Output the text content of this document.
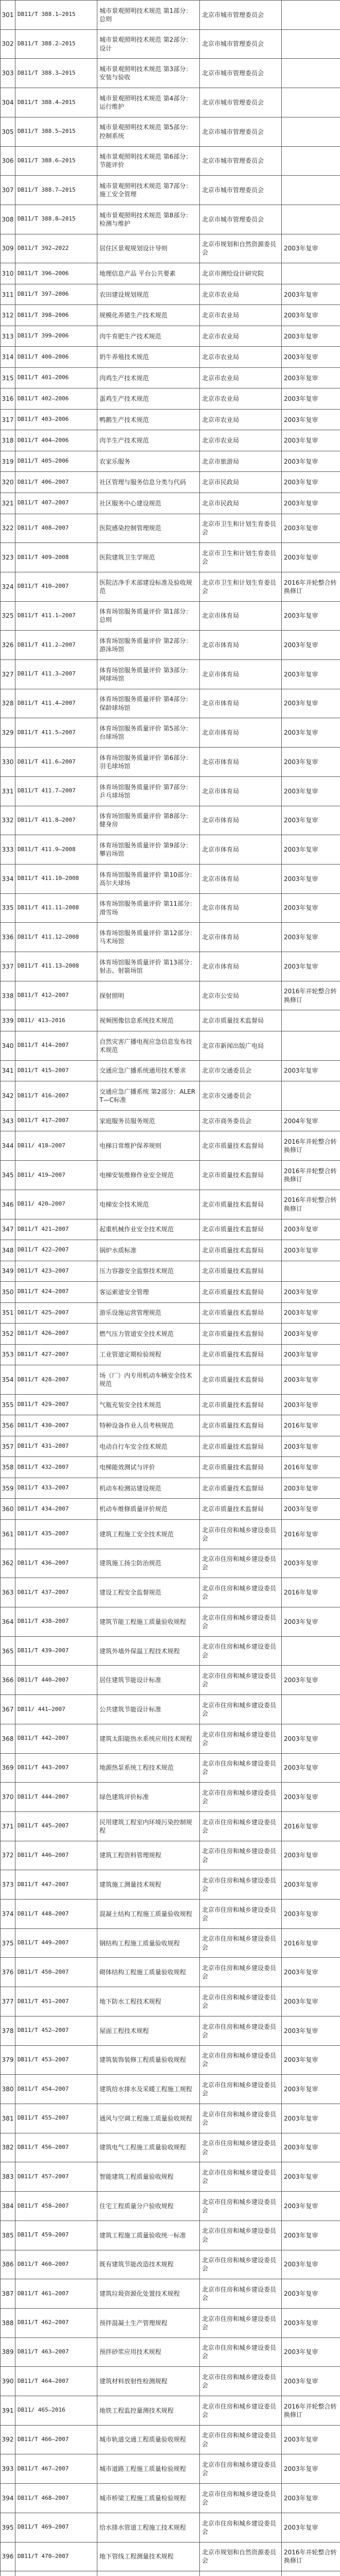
301	DB11/T 388.1—2015	城市景观照明技术规范 第1部分：总则	北京市城市管理委员会	
302	DB11/T 388.2—2015	城市景观照明技术规范 第2部分：设计	北京市城市管理委员会	
303	DB11/T 388.3—2015	城市景观照明技术规范 第3部分：安装与验收	北京市城市管理委员会	
304	DB11/T 388.4—2015	城市景观照明技术规范 第4部分：运行维护	北京市城市管理委员会	
305	DB11/T 388.5—2015	城市景观照明技术规范 第5部分：控制系统	北京市城市管理委员会	
306	DB11/T 388.6—2015	城市景观照明技术规范 第6部分：节能评价	北京市城市管理委员会	
307	DB11/T 388.7—2015	城市景观照明技术规范 第7部分：施工安全管理	北京市城市管理委员会	
308	DB11/T 388.8—2015	城市景观照明技术规范 第8部分：检测与维护	北京市城市管理委员会	
309	DB11/T 392—2022	居住区景观规划设计导则	北京市规划和自然资源委员会	2003年复审
310	DB11/T 396—2006	地理信息产品 平台公共要素	北京市测绘设计研究院	
311	DB11/T 397—2006	农田建设规划规范	北京市农业局	2003年复审
312	DB11/T 398—2006	规模化养猪生产技术规范	北京市农业局	2003年复审
313	DB11/T 399—2006	肉牛育肥生产技术规范	北京市农业局	2003年复审
314	DB11/T 400—2006	奶牛养殖技术规范	北京市农业局	2003年复审
315	DB11/T 401—2006	肉鸡生产技术规范	北京市农业局	2003年复审
316	DB11/T 402—2006	蛋鸡生产技术规范	北京市农业局	2003年复审
317	DB11/T 403—2006	鸭鹅生产技术规范	北京市农业局	2003年复审
318	DB11/T 404—2006	肉羊生产技术规范	北京市农业局	2003年复审
319	DB11/T 405—2006	农家乐服务	北京市旅游局	2003年复审
320	DB11/T 406—2007	社区管理与服务信息分类与代码	北京市民政局	2003年复审
321	DB11/T 407—2007	社区服务中心建设规范	北京市民政局	2003年复审
322	DB11/T 408—2007	医院感染控制管理规范	北京市卫生和计划生育委员会	2003年复审
323	DB11/T 409—2008	医院建筑卫生学规范	北京市卫生和计划生育委员会	2003年复审
324	DB11/T 410—2007	医院洁净手术部建设标准及验收规范	北京市卫生和计划生育委员会	2016年并轮整合转换修订
325	DB11/T 411.1—2007	体育场馆服务质量评价 第1部分：总则	北京市体育局	2003年复审
326	DB11/T 411.2—2007	体育场馆服务质量评价 第2部分：游泳场馆	北京市体育局	2003年复审
327	DB11/T 411.3—2007	体育场馆服务质量评价 第3部分：网球场馆	北京市体育局	2003年复审
328	DB11/T 411.4—2007	体育场馆服务质量评价 第4部分：保龄球场馆	北京市体育局	2003年复审
329	DB11/T 411.5—2007	体育场馆服务质量评价 第5部分：台球场馆	北京市体育局	2003年复审
330	DB11/T 411.6—2007	体育场馆服务质量评价 第6部分：羽毛球场馆	北京市体育局	2003年复审
331	DB11/T 411.7—2007	体育场馆服务质量评价 第7部分：乒乓球场馆	北京市体育局	2003年复审
332	DB11/T 411.8—2007	体育场馆服务质量评价 第8部分：健身房	北京市体育局	2003年复审
333	DB11/T 411.9—2008	体育场馆服务质量评价 第9部分：攀岩场馆	北京市体育局	2003年复审
334	DB11/T 411.10—2008	体育场馆服务质量评价 第10部分：高尔夫球场	北京市体育局	2003年复审
335	DB11/T 411.11—2008	体育场馆服务质量评价 第11部分：滑雪场	北京市体育局	2003年复审
336	DB11/T 411.12—2008	体育场馆服务质量评价 第12部分：马术场馆	北京市体育局	2003年复审
337	DB11/T 411.13—2008	体育场馆服务质量评价 第13部分：射击、射箭场馆	北京市体育局	2003年复审
338	DB11/T 412—2007	探射照明	北京市公安局	2016年并轮整合转换修订
339	DB11/ 413—2016	视频图像信息系统技术规范	北京市质量技术监督局	
340	DB11/T 414—2007	自然灾害广播电视应急信息发布技术规范	北京市新闻出版广电局	
341	DB11/T 415—2007	交通应急广播系统通用技术要求	北京市交通委员会	2003年复审
342	DB11/T 416—2007	交通应急广播系统 第2部分：ALERT—C标准	北京市交通委员会	
343	DB11/T 417—2007	家庭服务员服务规范	北京市商务委员会	2004年复审
344	DB11/ 418—2007	电梯日常维护保养规则	北京市质量技术监督局	2016年并轮整合转换修订
345	DB11/ 419—2007	电梯安装维修作业安全规范	北京市质量技术监督局	2016年并轮整合转换修订
346	DB11/ 420—2007	电梯安全技术规范	北京市质量技术监督局	2016年并轮整合转换修订
347	DB11/T 421—2007	起重机械作业安全技术规范	北京市质量技术监督局	2003年复审
348	DB11/T 422—2007	锅炉水质标准	北京市质量技术监督局	2003年复审
349	DB11/T 423—2007	压力容器安全监察技术规范	北京市质量技术监督局	
350	DB11/T 424—2007	客运索道安全管理	北京市质量技术监督局	2003年复审
351	DB11/T 425—2007	游乐设施运营管理规范	北京市质量技术监督局	2003年复审
352	DB11/T 426—2007	燃气压力管道安全技术规范	北京市质量技术监督局	2003年复审
353	DB11/T 427—2007	工业管道定期检验规程	北京市质量技术监督局	2003年复审
354	DB11/T 428—2007	场（厂）内专用机动车辆安全技术规范	北京市质量技术监督局	2003年复审
355	DB11/T 429—2007	气瓶充装安全技术规范	北京市质量技术监督局	2003年复审
356	DB11/T 430—2007	特种设备作业人员考核规范	北京市质量技术监督局	2016年复审
357	DB11/T 431—2007	电动自行车安全技术规范	北京市质量技术监督局	2003年复审
358	DB11/T 432—2007	电梯能效测试与评价	北京市质量技术监督局	2016年复审
359	DB11/T 433—2007	机动车检测站建设规范	北京市质量技术监督局	2003年复审
360	DB11/T 434—2007	机动车维修质量评价规范	北京市质量技术监督局	2003年复审
361	DB11/T 435—2007	建筑工程施工安全技术规范	北京市住房和城乡建设委员会	2016年复审
362	DB11/T 436—2007	建筑施工扬尘防治规范	北京市住房和城乡建设委员会	2003年复审
363	DB11/T 437—2007	建设工程安全监督规范	北京市住房和城乡建设委员会	2016年复审
364	DB11/T 438—2007	建筑节能工程施工质量验收规程	北京市住房和城乡建设委员会	2003年复审
365	DB11/T 439—2007	建筑外墙外保温工程技术规程	北京市住房和城乡建设委员会	
366	DB11/T 440—2007	居住建筑节能设计标准	北京市住房和城乡建设委员会	2003年复审
367	DB11/ 441—2007	公共建筑节能设计标准	北京市住房和城乡建设委员会	
368	DB11/T 442—2007	建筑太阳能热水系统应用技术规程	北京市住房和城乡建设委员会	2003年复审
369	DB11/T 443—2007	地源热泵系统工程技术规范	北京市住房和城乡建设委员会	2003年复审
370	DB11/T 444—2007	绿色建筑评价标准	北京市住房和城乡建设委员会	2003年复审
371	DB11/T 445—2007	民用建筑工程室内环境污染控制规程	北京市住房和城乡建设委员会	2016年复审
372	DB11/T 446—2007	建筑工程资料管理规程	北京市住房和城乡建设委员会	2003年复审
373	DB11/T 447—2007	建筑施工测量技术规程	北京市住房和城乡建设委员会	2003年复审
374	DB11/T 448—2007	混凝土结构工程施工质量验收规程	北京市住房和城乡建设委员会	2003年复审
375	DB11/T 449—2007	钢结构工程施工质量验收规程	北京市住房和城乡建设委员会	2016年复审
376	DB11/T 450—2007	砌体结构工程施工质量验收规程	北京市住房和城乡建设委员会	2003年复审
377	DB11/T 451—2007	地下防水工程技术规程	北京市住房和城乡建设委员会	2003年复审
378	DB11/T 452—2007	屋面工程技术规程	北京市住房和城乡建设委员会	2003年复审
379	DB11/T 453—2007	建筑装饰装修工程质量验收规程	北京市住房和城乡建设委员会	2003年复审
380	DB11/T 454—2007	建筑给水排水及采暖工程施工规程	北京市住房和城乡建设委员会	2003年复审
381	DB11/T 455—2007	通风与空调工程施工质量验收规程	北京市住房和城乡建设委员会	2003年复审
382	DB11/T 456—2007	建筑电气工程施工质量验收规程	北京市住房和城乡建设委员会	2003年复审
383	DB11/T 457—2007	智能建筑工程质量验收规程	北京市住房和城乡建设委员会	2003年复审
384	DB11/T 458—2007	住宅工程质量分户验收规程	北京市住房和城乡建设委员会	2003年复审
385	DB11/T 459—2007	建筑工程施工质量验收统一标准	北京市住房和城乡建设委员会	2003年复审
386	DB11/T 460—2007	既有建筑节能改造技术规程	北京市住房和城乡建设委员会	2003年复审
387	DB11/T 461—2007	建筑垃圾资源化处置技术规程	北京市住房和城乡建设委员会	2003年复审
388	DB11/T 462—2007	预拌混凝土生产管理规程	北京市住房和城乡建设委员会	2003年复审
389	DB11/T 463—2007	预拌砂浆应用技术规程	北京市住房和城乡建设委员会	2003年复审
390	DB11/T 464—2007	建筑材料放射性检测规程	北京市住房和城乡建设委员会	2003年复审
391	DB11/ 465—2016	地铁工程监控量测技术规程	北京市住房和城乡建设委员会	2016年并轮整合转换修订
392	DB11/T 466—2007	城市轨道交通工程质量验收规程	北京市住房和城乡建设委员会	2003年复审
393	DB11/T 467—2007	城市道路工程施工质量检验规程	北京市住房和城乡建设委员会	2003年复审
394	DB11/T 468—2007	城市桥梁工程施工质量检验规程	北京市住房和城乡建设委员会	2003年复审
395	DB11/T 469—2007	给水排水管道工程施工技术规程	北京市住房和城乡建设委员会	2003年复审
396	DB11/T 470—2007	地下管线工程测量技术规程	北京市规划和自然资源委员会	2016年并轮整合转换修订
